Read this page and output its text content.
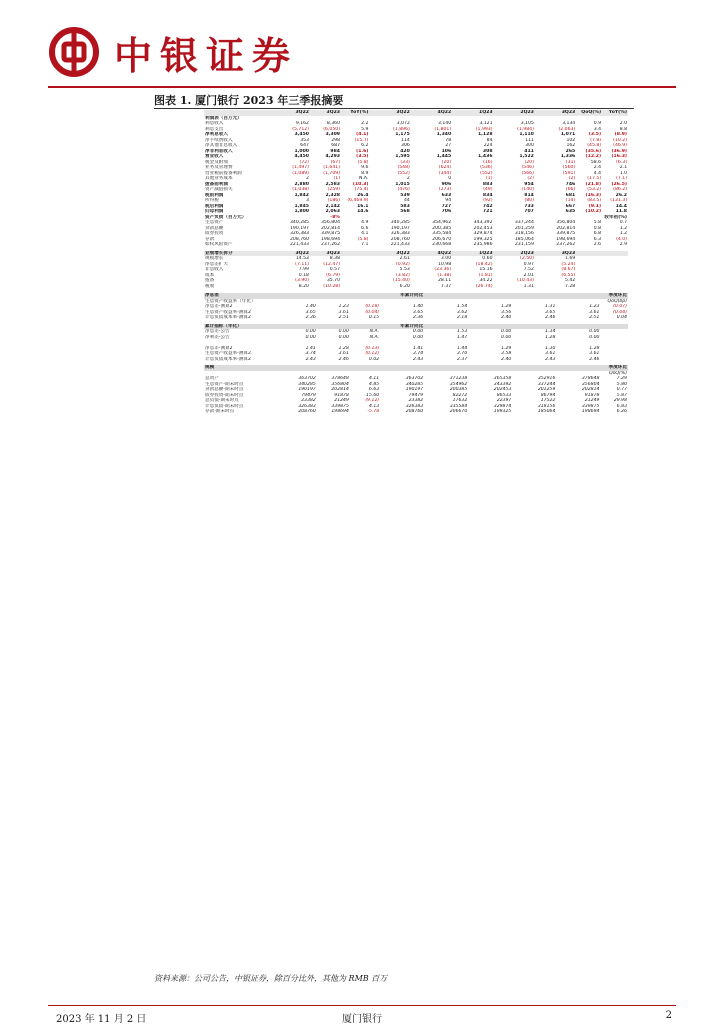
中银证券
图表 1. 厦门银行 2023 年三季报摘要
	3Q22	3Q23	YoY(%)	3Q22	4Q22	1Q23	2Q23	3Q23	QoQ(%)	YoY(%)
利润表（百万元）										
利息收入	9,162	8,360	2.2	3,072	3,140	3,121	3,105	3,134	0.9	2.0
利息支出	(5,712)	(6,050)	5.9	(1,896)	(1,801)	(1,993)	(1,984)	(2,063)	3.4	8.8
净利息收入	3,450	3,309	(4.1)	1,175	1,340	1,128	1,110	1,071	(3.5)	(8.9)
净手续费收入	353	298	(15.7)	114	78	84	111	102	(7.8)	(10.2)
净其他非息收入	647	687	6.2	306	27	224	300	162	(45.8)	(46.9)
净非利息收入	1,000	984	(1.6)	420	106	308	411	265	(35.6)	(36.9)
营业收入	4,450	4,293	(3.5)	1,595	1,445	1,436	1,522	1,336	(12.2)	(16.3)
税金及附加	(72)	(67)	(5.8)	(33)	(20)	(16)	(20)	(31)	58.6	(6.3)
业务及管理费	(1,497)	(1,641)	9.6	(548)	(624)	(536)	(546)	(560)	2.4	2.1
营业税前拨备利润	(1,089)	(1,709)	8.9	(552)	(344)	(552)	(566)	(591)	4.4	1.0
其他业务成本	2	(1)	N.A.	2	0	(1)	(2)	(2)	(17.5)	(7.1)
拨备前利润	2,880	2,583	(10.3)	1,015	906	883	954	746	(21.8)	(26.5)
资产减值损失	(1,038)	(259)	(75.4)	(476)	(273)	(49)	(140)	(66)	(53.2)	(86.2)
税前利润	1,842	2,328	26.4	539	633	834	814	681	(16.3)	26.2
所得税	3	(186)	(6,469.9)	44	94	(92)	(80)	(14)	(83.5)	(131.3)
税后利润	1,845	2,142	16.1	583	727	742	733	667	(9.1)	14.4
归母利润	1,800	2,063	14.6	568	706	721	707	635	(10.2)	11.8
资产负债（百万元）		-8%								较年初(%)
生息资产	340,285	356,804	4.9	340,285	354,962	343,392	337,244	356,804	5.8	0.7
贷款总额	190,197	202,814	6.6	190,197	200,385	202,453	201,259	202,814	0.8	1.2
债券投资	326,383	339,875	4.1	326,383	335,584	329,874	318,156	339,875	6.8	1.2
存款	208,760	198,694	(5.8)	208,760	206,670	199,325	185,064	198,694	6.3	(4.0)
如权风险资产	221,433	237,262	7.1	221,433	230,668	235,986	231,159	237,262	2.6	2.9

业绩增长拆分	3Q22	3Q23		3Q22	4Q22	1Q23	2Q23	3Q23		
规模增长	14.53	8.38		2.61	3.00	0.60	(2.50)	1.69		
净息差扩大	(7.11)	(12.47)		(0.92)	10.98	(18.42)	0.97	(5.24)		
非息收入	7.99	0.57		5.53	(23.36)	15.16	7.52	(8.67)		
成本	0.18	(6.79)		(3.82)	(1.38)	(1.81)	2.01	(6.55)		
拨备	(3.90)	35.70		(15.40)	28.11	34.22	(10.43)	5.42		
税收	8.20	(10.28)		6.20	7.37	(26.74)	1.31	7.28		
净息差			年累计同比						季度环比
生息资产收益率（年化）									QoQ(bp)
净息差-测算2	1.40	1.23	(0.18)	1.40	1.54	1.29	1.31	1.23	(0.07)
生息资产收益率-测算2	3.65	3.61	(0.04)	3.65	3.62	3.56	3.65	3.61	(0.04)
计息负债成本率-测算2	2.36	2.51	0.15	2.36	2.18	2.40	2.46	2.51	0.04

累计指标（年化）			年累计同比						
净息差-公告	0.00	0.00	N.A.	0.00	1.53	0.00	1.34	0.00	
净利差-公告	0.00	0.00	N.A.	0.00	1.47	0.00	1.28	0.00	

净息差-测算2	1.41	1.28	(0.13)	1.41	1.44	1.29	1.30	1.28	
生息资产收益率-测算2	3.74	3.61	(0.12)	3.74	3.70	3.58	3.61	3.61	
计息负债成本率-测算2	2.43	2.46	0.02	2.43	2.37	2.40	2.43	2.46	

规模									季度环比
									QoQ(%)
总资产	363702	378648	4.11	363702	371238	365358	352916	378648	7.29
生息资产-期末时点	340285	356804	4.85	340285	354962	343392	337244	356804	5.80
贷款总额-期末时点	190197	202814	6.63	190197	200385	202453	201259	202814	0.77
债券投资-期末时点	79479	91878	15.60	79479	82272	86533	86794	91878	5.87
总负债-期末时点	23382	21249	(9.12)	23382	17632	22397	17522	21249	29.98
计息负债-期末时点	326383	339875	4.13	326383	335584	329874	318156	339875	6.83
存款-期末时点	208760	198694	-5.78	208760	206670	199325	185064	198694	6.26

资料来源：公司公告，中银证券，除百分比外，其他为 RMB 百万
2023 年 11 月 2 日	厦门银行	2
